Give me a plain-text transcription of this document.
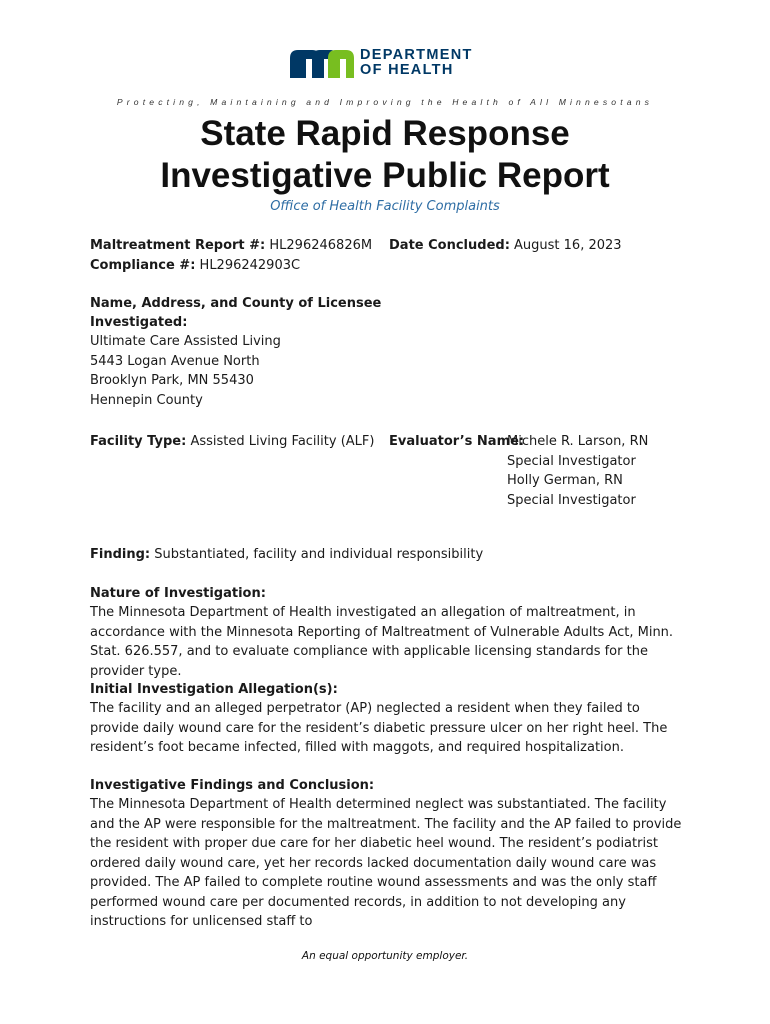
DEPARTMENT
OF HEALTH
Protecting, Maintaining and Improving the Health of All Minnesotans
State Rapid Response
Investigative Public Report
Office of Health Facility Complaints
Maltreatment Report #: HL296246826M
Compliance #: HL296242903C
Date Concluded: August 16, 2023
Name, Address, and County of Licensee
Investigated:
Ultimate Care Assisted Living
5443 Logan Avenue North
Brooklyn Park, MN 55430
Hennepin County
Facility Type: Assisted Living Facility (ALF) Evaluator’s Name:
Michele R. Larson, RN
Special Investigator
Holly German, RN
Special Investigator
Finding: Substantiated, facility and individual responsibility
Nature of Investigation:
The Minnesota Department of Health investigated an allegation of maltreatment, in accordance with the Minnesota Reporting of Maltreatment of Vulnerable Adults Act, Minn. Stat. 626.557, and to evaluate compliance with applicable licensing standards for the provider type.
Initial Investigation Allegation(s):
The facility and an alleged perpetrator (AP) neglected a resident when they failed to provide daily wound care for the resident’s diabetic pressure ulcer on her right heel. The resident’s foot became infected, filled with maggots, and required hospitalization.
Investigative Findings and Conclusion:
The Minnesota Department of Health determined neglect was substantiated. The facility and the AP were responsible for the maltreatment. The facility and the AP failed to provide the resident with proper due care for her diabetic heel wound. The resident’s podiatrist ordered daily wound care, yet her records lacked documentation daily wound care was provided. The AP failed to complete routine wound assessments and was the only staff performed wound care per documented records, in addition to not developing any instructions for unlicensed staff to
An equal opportunity employer.
